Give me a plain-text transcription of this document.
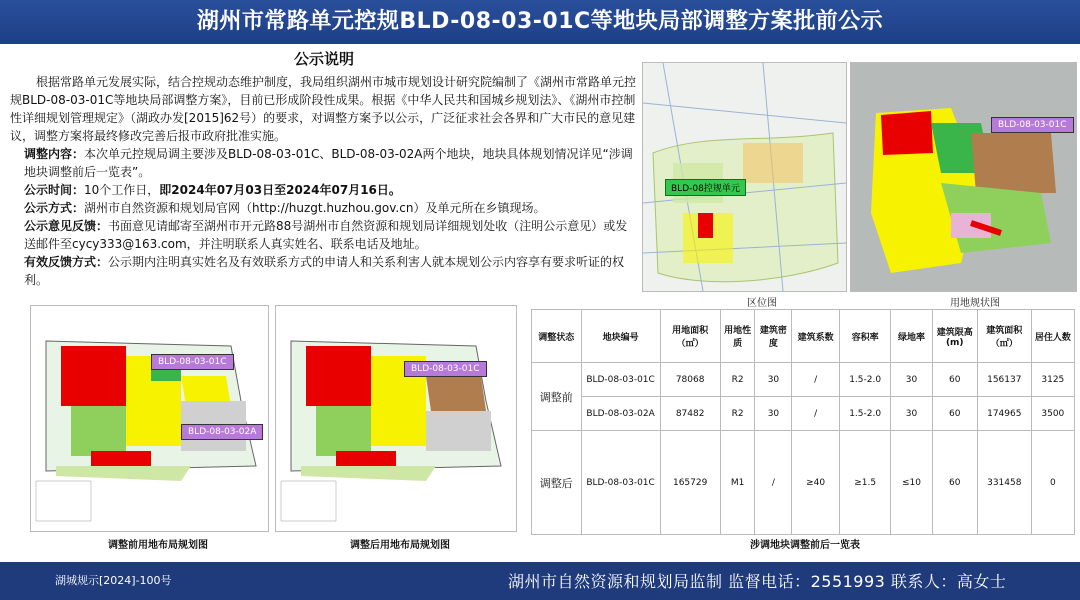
湖州市常路单元控规BLD-08-03-01C等地块局部调整方案批前公示
公示说明

根据常路单元发展实际，结合控规动态维护制度，我局组织湖州市城市规划设计研究院编制了《湖州市常路单元控规BLD-08-03-01C等地块局部调整方案》，目前已形成阶段性成果。根据《中华人民共和国城乡规划法》、《湖州市控制性详细规划管理规定》（湖政办发[2015]62号）的要求，对调整方案予以公示，广泛征求社会各界和广大市民的意见建议，调整方案将最终修改完善后报市政府批准实施。

调整内容：本次单元控规局调主要涉及BLD-08-03-01C、BLD-08-03-02A两个地块，地块具体规划情况详见“涉调地块调整前后一览表”。

公示时间：10个工作日，即2024年07月03日至2024年07月16日。

公示方式：湖州市自然资源和规划局官网（http://huzgt.huzhou.gov.cn）及单元所在乡镇现场。

公示意见反馈：书面意见请邮寄至湖州市开元路88号湖州市自然资源和规划局详细规划处收（注明公示意见）或发送邮件至cycy333@163.com，并注明联系人真实姓名、联系电话及地址。

有效反馈方式：公示期内注明真实姓名及有效联系方式的申请人和关系利害人就本规划公示内容享有要求听证的权利。

BLD-08控规单元
区位图
BLD-08-03-01C
用地规状图
BLD-08-03-01C
BLD-08-03-02A
调整前用地布局规划图
BLD-08-03-01C
调整后用地布局规划图
调整状态	地块编号	用地面积（㎡）	用地性质	建筑密度	建筑系数	容积率	绿地率	建筑限高(m)	建筑面积（㎡）	居住人数
调整前	BLD-08-03-01C	78068	R2	30	/	1.5-2.0	30	60	156137	3125
	BLD-08-03-02A	87482	R2	30	/	1.5-2.0	30	60	174965	3500
调整后	BLD-08-03-01C	165729	M1	/	≥40	≥1.5	≤10	60	331458	0
涉调地块调整前后一览表
湖城规示[2024]-100号	湖州市自然资源和规划局监制 监督电话：2551993 联系人：高女士
